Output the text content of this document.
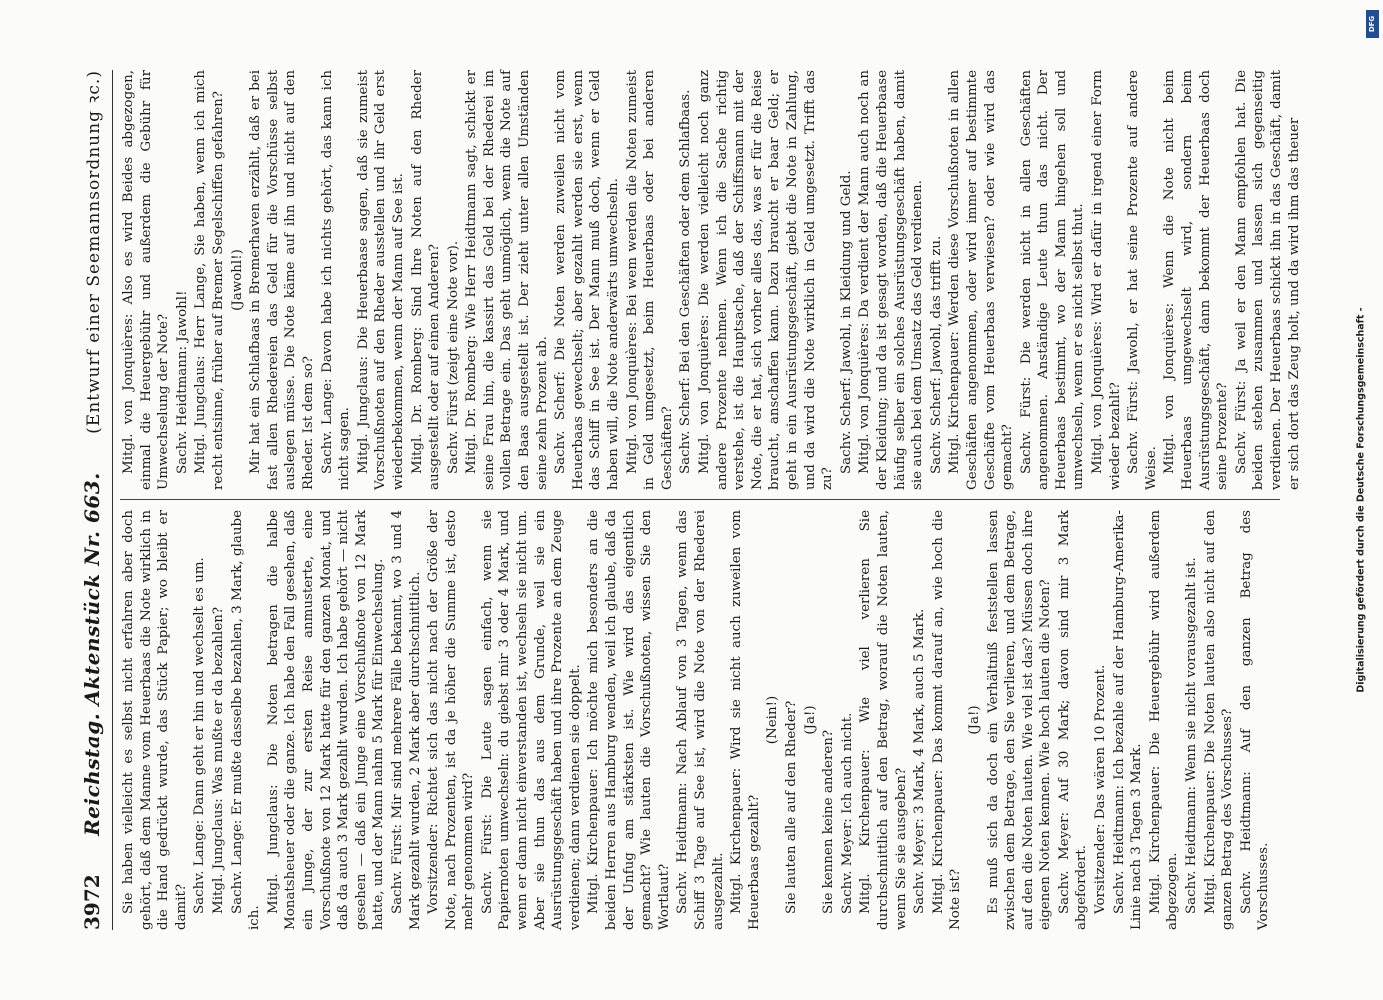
3972
Reichstag. Aktenstück Nr. 663.
(Entwurf einer Seemannsordnung ꝛc.)

Sie haben vielleicht es selbst nicht erfahren aber doch gehört, daß dem Manne vom Heuerbaas die Note wirklich in die Hand gedrückt wurde, das Stück Papier; wo bleibt er damit? Sachv. Lange: Dann geht er hin und wechselt es um. Mitgl. Jungclaus: Was mußte er da bezahlen? Sachv. Lange: Er mußte dasselbe bezahlen, 3 Mark, glaube ich.

Mitgl. Jungclaus: Die Noten betragen die halbe Monatsheuer oder die ganze. Ich habe den Fall gesehen, daß ein Junge, der zur ersten Reise anmusterte, eine Vorschußnote von 12 Mark hatte für den ganzen Monat, und daß da auch 3 Mark gezahlt wurden. Ich habe gehört — nicht gesehen — daß ein Junge eine Vorschußnote von 12 Mark hatte, und der Mann nahm 5 Mark für Einwechselung. Sachv. Fürst: Mir sind mehrere Fälle bekannt, wo 3 und 4 Mark gezahlt wurden, 2 Mark aber durchschnittlich. Vorsitzender: Richtet sich das nicht nach der Größe der Note, nach Prozenten, ist da je höher die Summe ist, desto mehr genommen wird? Sachv. Fürst: Die Leute sagen einfach, wenn sie Papiernoten umwechseln: du giebst mir 3 oder 4 Mark, und wenn er dann nicht einverstanden ist, wechseln sie nicht um. Aber sie thun das aus dem Grunde, weil sie ein Ausrüstungsgeschäft haben und ihre Prozente an dem Zeuge verdienen; dann verdienen sie doppelt. Mitgl. Kirchenpauer: Ich möchte mich besonders an die beiden Herren aus Hamburg wenden, weil ich glaube, daß da der Unfug am stärksten ist. Wie wird das eigentlich gemacht? Wie lauten die Vorschußnoten, wissen Sie den Wortlaut? Sachv. Heidtmann: Nach Ablauf von 3 Tagen, wenn das Schiff 3 Tage auf See ist, wird die Note von der Rhederei ausgezahlt. Mitgl. Kirchenpauer: Wird sie nicht auch zuweilen vom Heuerbaas gezahlt?

(Nein!) Sie lauten alle auf den Rheder? (Ja!)

Sie kennen keine anderen? Sachv. Meyer: Ich auch nicht. Mitgl. Kirchenpauer: Wie viel verlieren Sie durchschnittlich auf den Betrag, worauf die Noten lauten, wenn Sie sie ausgeben? Sachv. Meyer: 3 Mark, 4 Mark, auch 5 Mark. Mitgl. Kirchenpauer: Das kommt darauf an, wie hoch die Note ist?

(Ja!) Es muß sich da doch ein Verhältniß feststellen lassen zwischen dem Betrage, den Sie verlieren, und dem Betrage, auf den die Noten lauten. Wie viel ist das? Müssen doch ihre eigenen Noten kennen. Wie hoch lauten die Noten? Sachv. Meyer: Auf 30 Mark; davon sind mir 3 Mark abgefordert. Vorsitzender: Das wären 10 Prozent. Sachv. Heidtmann: Ich bezahle auf der Hamburg-Amerika-Linie nach 3 Tagen 3 Mark. Mitgl. Kirchenpauer: Die Heuergebühr wird außerdem abgezogen. Sachv. Heidtmann: Wenn sie nicht vorausgezahlt ist. Mitgl. Kirchenpauer: Die Noten lauten also nicht auf den ganzen Betrag des Vorschusses? Sachv. Heidtmann: Auf den ganzen Betrag des Vorschusses.

Mitgl. von Jonquières: Also es wird Beides abgezogen, einmal die Heuergebühr und außerdem die Gebühr für Umwechselung der Note? Sachv. Heidtmann: Jawohl! Mitgl. Jungclaus: Herr Lange, Sie haben, wenn ich mich recht entsinne, früher auf Bremer Segelschiffen gefahren? (Jawohl!) Mir hat ein Schlafbaas in Bremerhaven erzählt, daß er bei fast allen Rhedereien das Geld für die Vorschüsse selbst auslegen müsse. Die Note käme auf ihn und nicht auf den Rheder. Ist dem so? Sachv. Lange: Davon habe ich nichts gehört, das kann ich nicht sagen. Mitgl. Jungclaus: Die Heuerbaase sagen, daß sie zumeist Vorschußnoten auf den Rheder ausstellen und ihr Geld erst wiederbekommen, wenn der Mann auf See ist. Mitgl. Dr. Romberg: Sind Ihre Noten auf den Rheder ausgestellt oder auf einen Anderen? Sachv. Fürst (zeigt eine Note vor). Mitgl. Dr. Romberg: Wie Herr Heidtmann sagt, schickt er seine Frau hin, die kassirt das Geld bei der Rhederei im vollen Betrage ein. Das geht unmöglich, wenn die Note auf den Baas ausgestellt ist. Der zieht unter allen Umständen seine zehn Prozent ab. Sachv. Scherf: Die Noten werden zuweilen nicht vom Heuerbaas gewechselt; aber gezahlt werden sie erst, wenn das Schiff in See ist. Der Mann muß doch, wenn er Geld haben will, die Note anderwärts umwechseln. Mitgl. von Jonquières: Bei wem werden die Noten zumeist in Geld umgesetzt, beim Heuerbaas oder bei anderen Geschäften? Sachv. Scherf: Bei den Geschäften oder dem Schlafbaas. Mitgl. von Jonquières: Die werden vielleicht noch ganz andere Prozente nehmen. Wenn ich die Sache richtig verstehe, ist die Hauptsache, daß der Schiffsmann mit der Note, die er hat, sich vorher alles das, was er für die Reise braucht, anschaffen kann. Dazu braucht er baar Geld; er geht in ein Ausrüstungsgeschäft, giebt die Note in Zahlung, und da wird die Note wirklich in Geld umgesetzt. Trifft das zu?

Sachv. Scherf: Jawohl, in Kleidung und Geld. Mitgl. von Jonquières: Da verdient der Mann auch noch an der Kleidung; und da ist gesagt worden, daß die Heuerbaase häufig selber ein solches Ausrüstungsgeschäft haben, damit sie auch bei dem Umsatz das Geld verdienen. Sachv. Scherf: Jawohl, das trifft zu. Mitgl. Kirchenpauer: Werden diese Vorschußnoten in allen Geschäften angenommen, oder wird immer auf bestimmte Geschäfte vom Heuerbaas verwiesen? oder wie wird das gemacht? Sachv. Fürst: Die werden nicht in allen Geschäften angenommen. Anständige Leute thun das nicht. Der Heuerbaas bestimmt, wo der Mann hingehen soll und umwechseln, wenn er es nicht selbst thut. Mitgl. von Jonquières: Wird er dafür in irgend einer Form wieder bezahlt? Sachv. Fürst: Jawohl, er hat seine Prozente auf andere Weise. Mitgl. von Jonquières: Wenn die Note nicht beim Heuerbaas umgewechselt wird, sondern beim Ausrüstungsgeschäft, dann bekommt der Heuerbaas doch seine Prozente? Sachv. Fürst: Ja weil er den Mann empfohlen hat. Die beiden stehen zusammen und lassen sich gegenseitig verdienen. Der Heuerbaas schickt ihn in das Geschäft, damit er sich dort das Zeug holt, und da wird ihm das theuer

Digitalisierung gefördert durch die Deutsche Forschungsgemeinschaft -
DFG
